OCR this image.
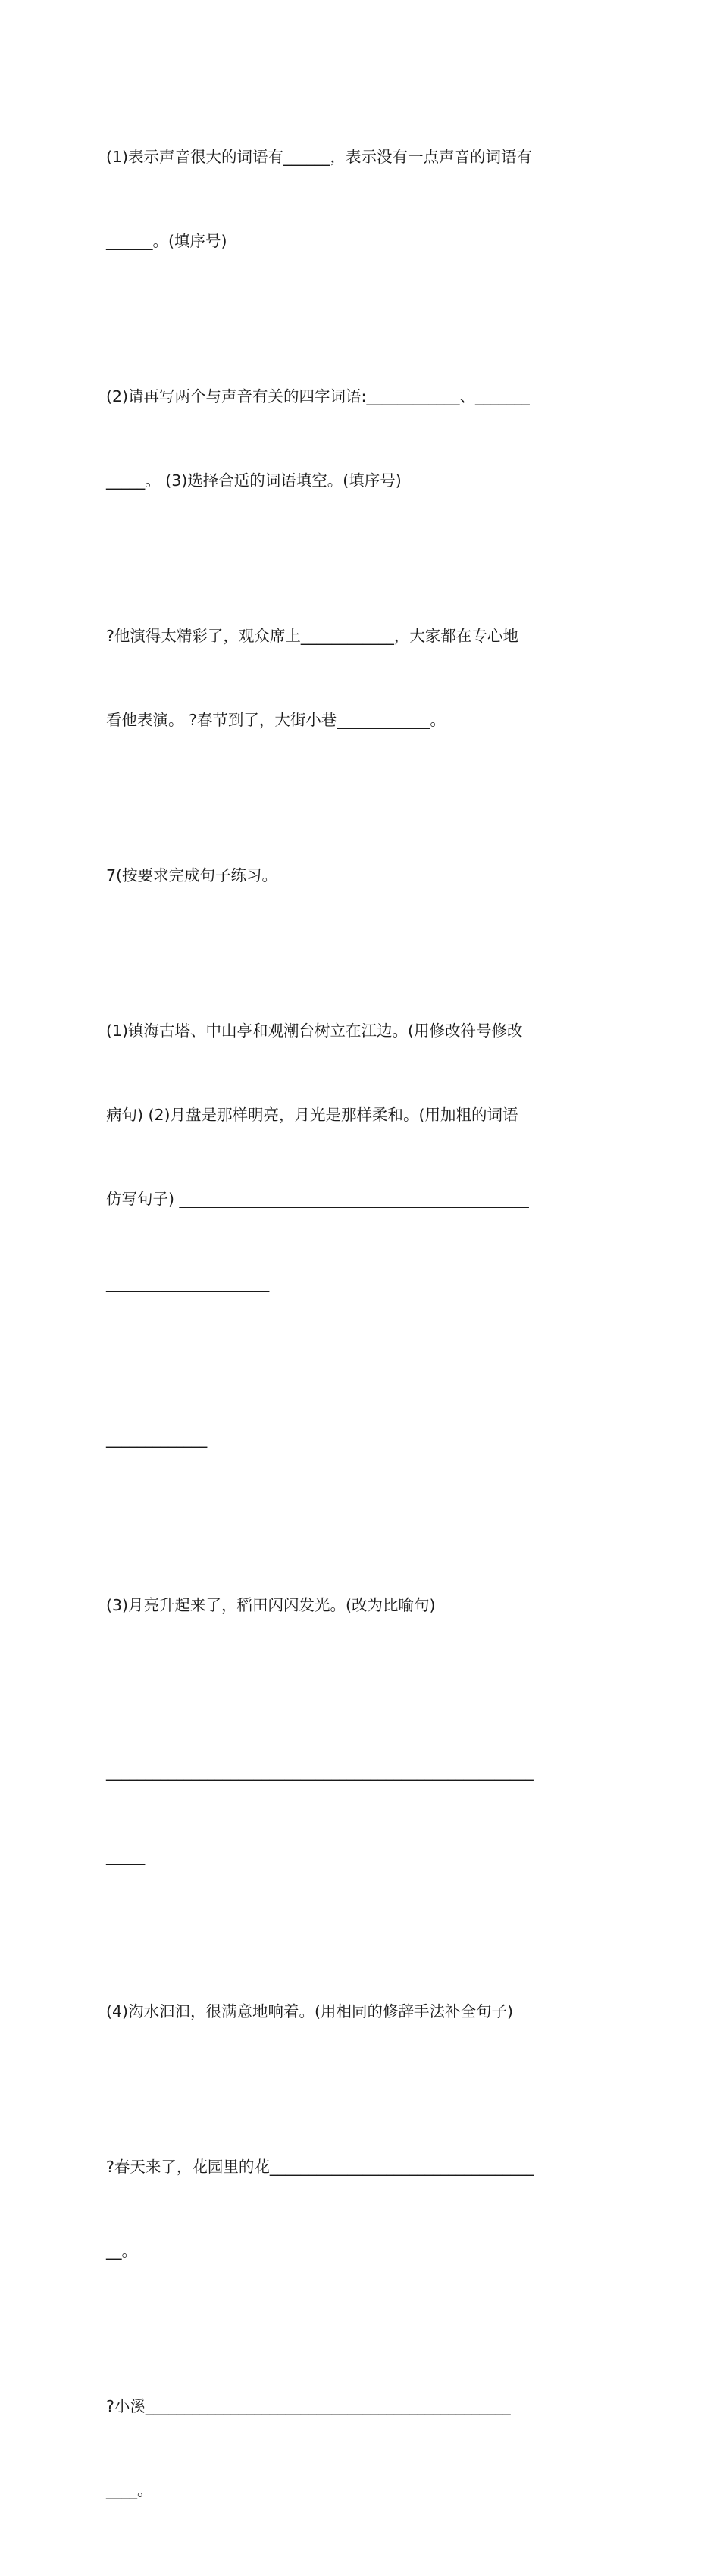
(1)表示声音很大的词语有______，表示没有一点声音的词语有

______。(填序号)

(2)请再写两个与声音有关的四字词语:____________、_______

_____。 (3)选择合适的词语填空。(填序号)

?他演得太精彩了，观众席上____________，大家都在专心地

看他表演。 ?春节到了，大街小巷____________。

7(按要求完成句子练习。

(1)镇海古塔、中山亭和观潮台树立在江边。(用修改符号修改

病句) (2)月盘是那样明亮，月光是那样柔和。(用加粗的词语

仿写句子) _____________________________________________

_____________________

_____________

(3)月亮升起来了，稻田闪闪发光。(改为比喻句)

_______________________________________________________

_____

(4)沟水汩汩，很满意地响着。(用相同的修辞手法补全句子)

?春天来了，花园里的花__________________________________

__。

?小溪_______________________________________________

____。
